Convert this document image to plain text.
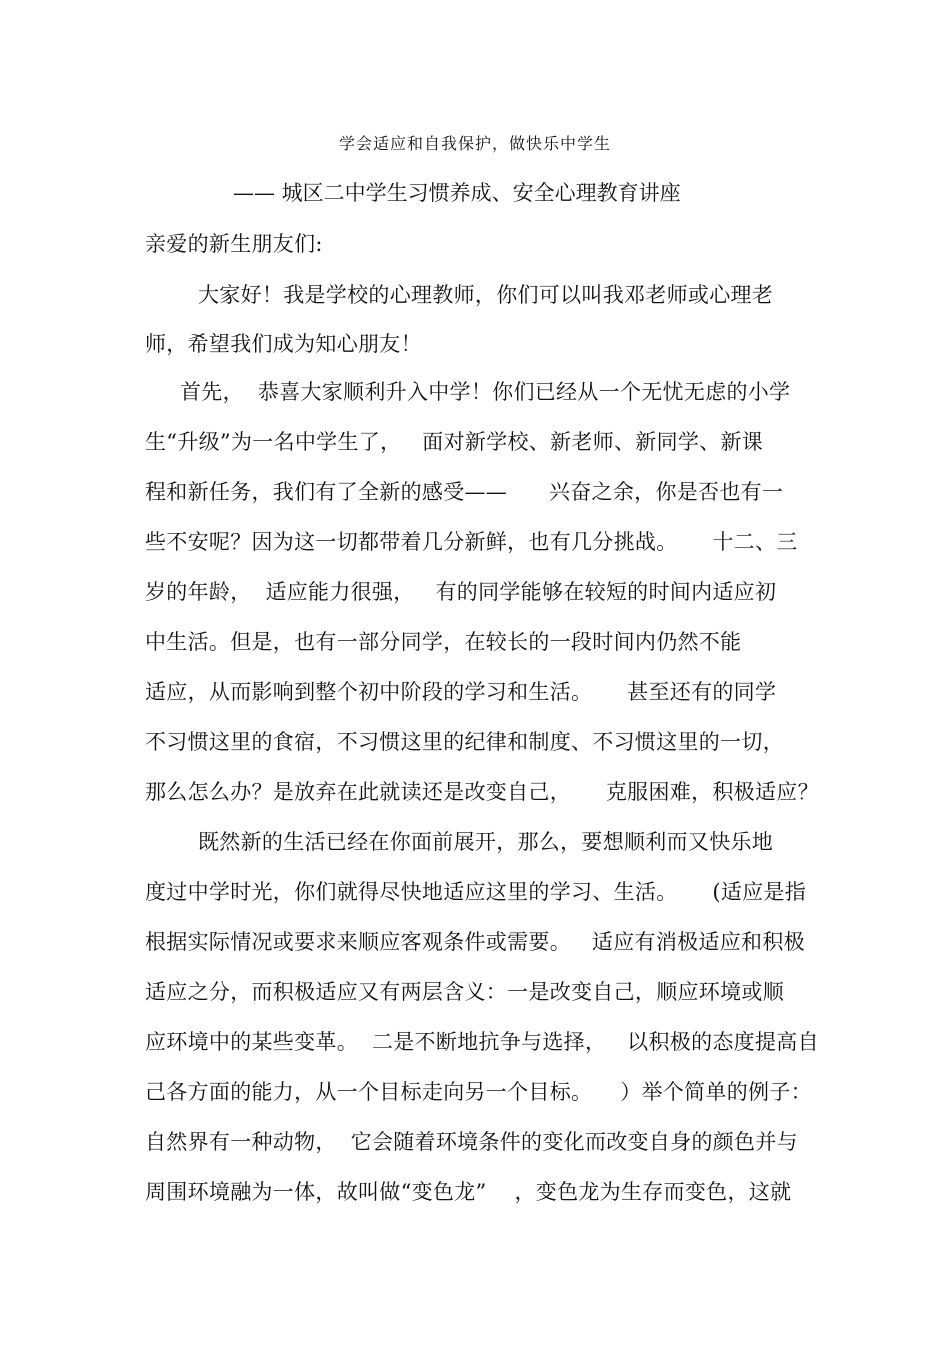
学会适应和自我保护，做快乐中学生
—— 城区二中学生习惯养成、安全心理教育讲座
亲爱的新生朋友们:
大家好！我是学校的心理教师，你们可以叫我邓老师或心理老
师，希望我们成为知心朋友！
首先，  恭喜大家顺利升入中学！你们已经从一个无忧无虑的小学
生“升级”为一名中学生了，   面对新学校、新老师、新同学、新课
程和新任务，我们有了全新的感受——      兴奋之余，你是否也有一
些不安呢？因为这一切都带着几分新鲜，也有几分挑战。     十二、三
岁的年龄，  适应能力很强，   有的同学能够在较短的时间内适应初
中生活。但是，也有一部分同学，在较长的一段时间内仍然不能
适应，从而影响到整个初中阶段的学习和生活。     甚至还有的同学
不习惯这里的食宿，不习惯这里的纪律和制度、不习惯这里的一切，
那么怎么办？是放弃在此就读还是改变自己，     克服困难，积极适应？
既然新的生活已经在你面前展开，那么，要想顺利而又快乐地
度过中学时光，你们就得尽快地适应这里的学习、生活。     (适应是指
根据实际情况或要求来顺应客观条件或需要。   适应有消极适应和积极
适应之分，而积极适应又有两层含义：一是改变自己，顺应环境或顺
应环境中的某些变革。  二是不断地抗争与选择，   以积极的态度提高自
己各方面的能力，从一个目标走向另一个目标。    ）举个简单的例子：
自然界有一种动物，  它会随着环境条件的变化而改变自身的颜色并与
周围环境融为一体，故叫做“变色龙”    ，变色龙为生存而变色，这就
